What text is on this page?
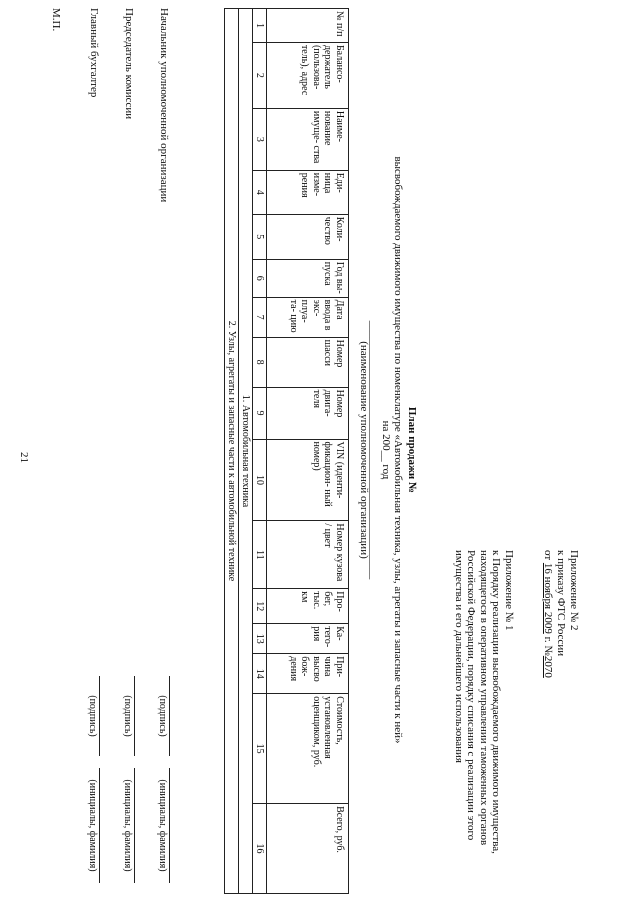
21
Приложение № 2
к приказу ФТС России
от 16 ноября 2009 г. №2070
Приложение № 1
к Порядку реализации высвобождаемого движимого имущества, находящегося в оперативном управлении таможенных органов Российской Федерации, порядку списания с реализации этого имущества и его дальнейшего использования
План продажи №
высвобождаемого движимого имущества по номенклатуре «Автомобильная техника, узлы, агрегаты и запасные части к ней»
на 200__ год
_______________________________________________
(наименование уполномоченной организации)
№ п/п	Балансо- держатель (пользова- тель), адрес	Наиме- нование имуще- ства	Еди- ница изме- рения	Коли- чество	Год вы- пуска	Дата ввода в экс- плуа- та- цию	Номер шасси	Номер двига- теля	VIN (иденти- фикацион- ный номер)	Номер кузова / цвет	Про- бег, тыс. км	Ка- тего- рия	При- чина высво бож- дения	Стоимость, установленная оценщиком, руб.	Всего, руб.
1	2	3	4	5	6	7	8	9	10	11	12	13	14	15	16
1. Автомобильная техника															
2. Узлы, агрегаты и запасные части к автомобильной технике															
Начальник уполномоченной организации
(подпись)
(инициалы, фамилия)
Председатель комиссии
(подпись)
(инициалы, фамилия)
Главный бухгалтер
(подпись)
(инициалы, фамилия)
М.П.
